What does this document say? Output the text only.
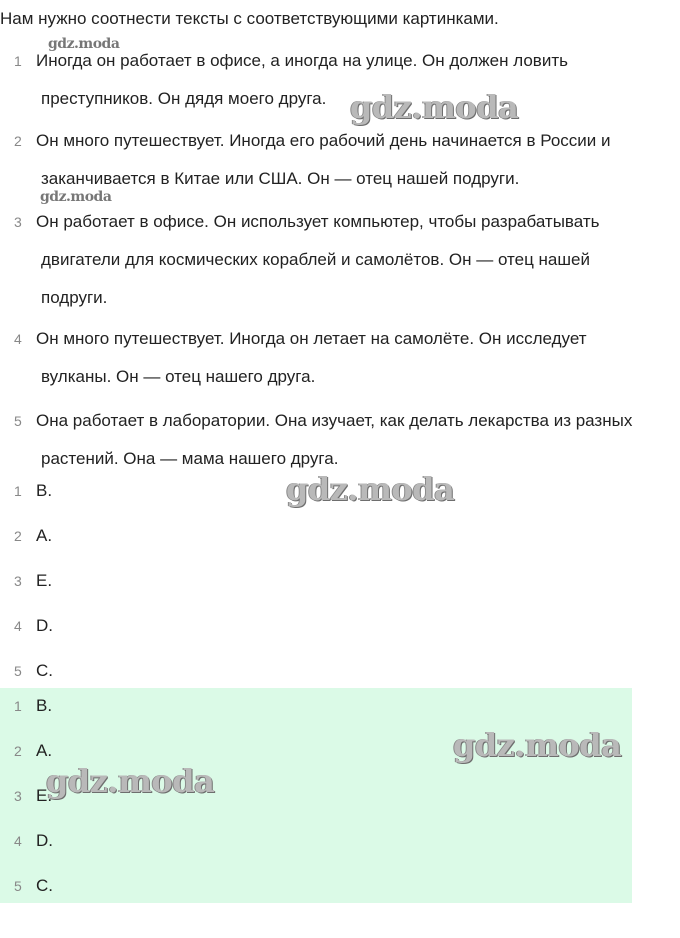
Нам нужно соотнести тексты с соответствующими картинками.
1 Иногда он работает в офисе, а иногда на улице. Он должен ловить
преступников. Он дядя моего друга.
2 Он много путешествует. Иногда его рабочий день начинается в России и
заканчивается в Китае или США. Он — отец нашей подруги.
3 Он работает в офисе. Он использует компьютер, чтобы разрабатывать
двигатели для космических кораблей и самолётов. Он — отец нашей
подруги.
4 Он много путешествует. Иногда он летает на самолёте. Он исследует
вулканы. Он — отец нашего друга.
5 Она работает в лаборатории. Она изучает, как делать лекарства из разных
растений. Она — мама нашего друга.
1 B.
2 A.
3 E.
4 D.
5 C.
1 B.
2 A.
3 E.
4 D.
5 C.
gdz.moda
gdz.moda
gdz.moda
gdz.moda
gdz.moda
gdz.moda
